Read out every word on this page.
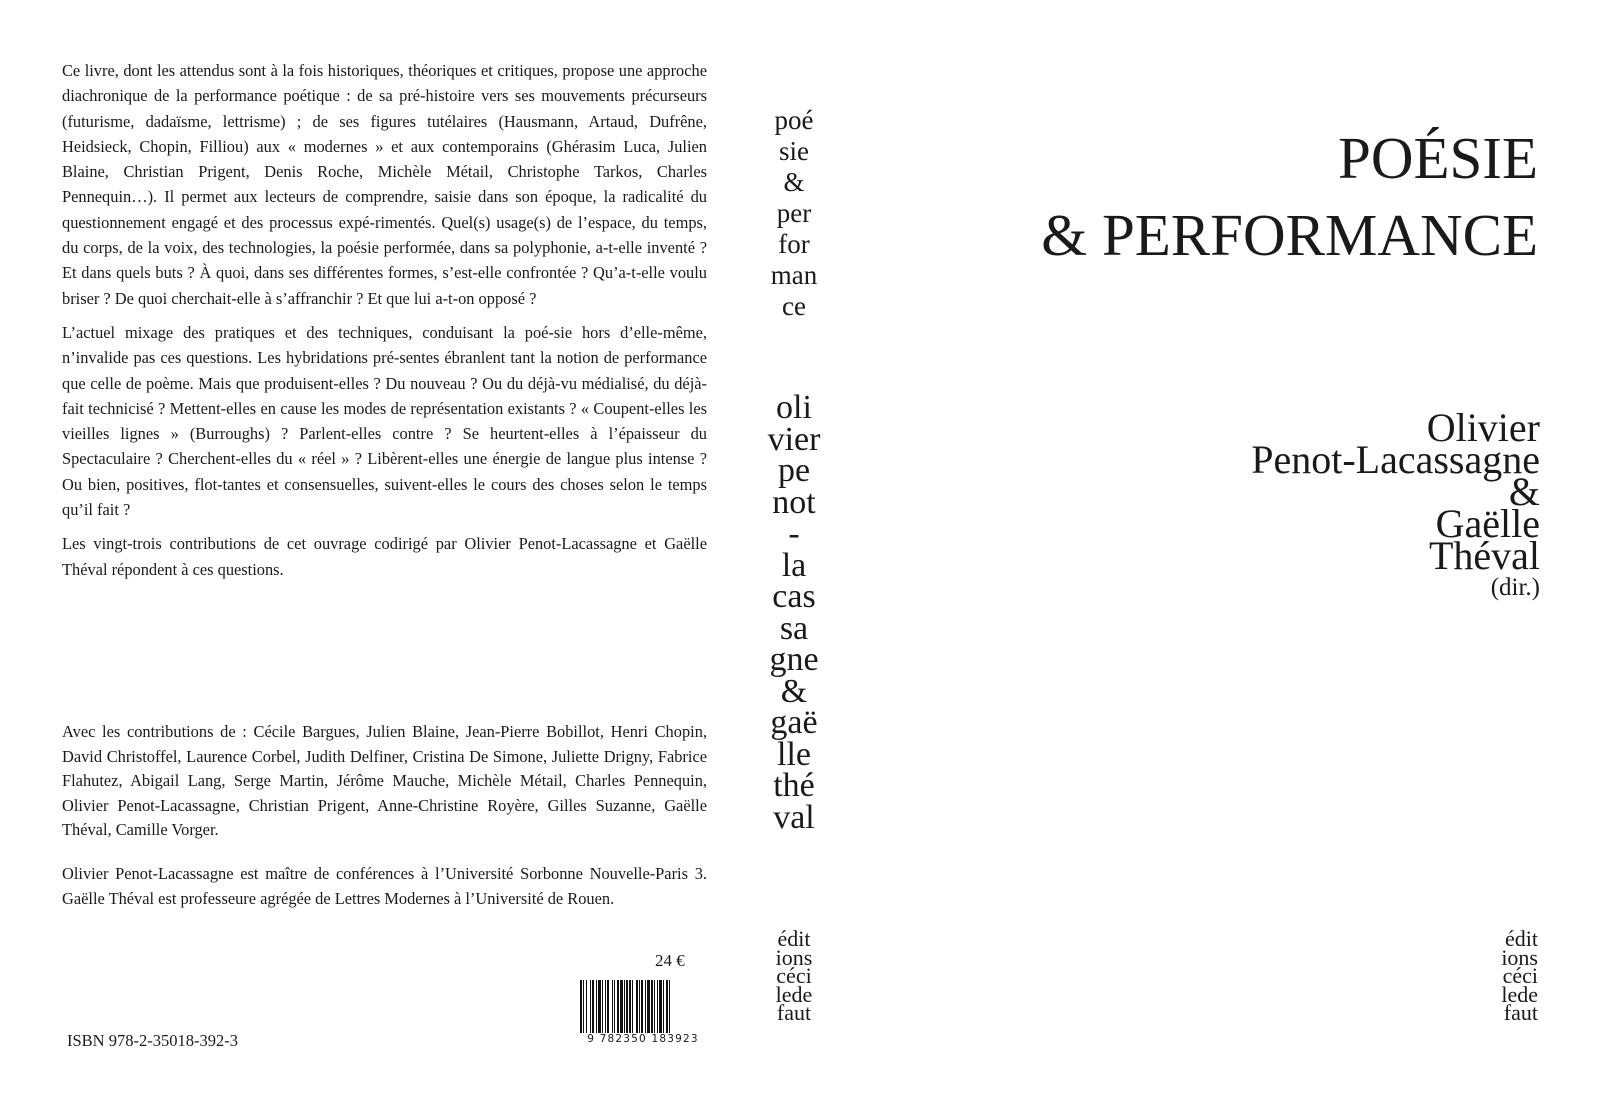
Ce livre, dont les attendus sont à la fois historiques, théoriques et critiques, propose une approche diachronique de la performance poétique : de sa pré-histoire vers ses mouvements précurseurs (futurisme, dadaïsme, lettrisme) ; de ses figures tutélaires (Hausmann, Artaud, Dufrêne, Heidsieck, Chopin, Filliou) aux « modernes » et aux contemporains (Ghérasim Luca, Julien Blaine, Christian Prigent, Denis Roche, Michèle Métail, Christophe Tarkos, Charles Pennequin…). Il permet aux lecteurs de comprendre, saisie dans son époque, la radicalité du questionnement engagé et des processus expé-rimentés. Quel(s) usage(s) de l’espace, du temps, du corps, de la voix, des technologies, la poésie performée, dans sa polyphonie, a-t-elle inventé ? Et dans quels buts ? À quoi, dans ses différentes formes, s’est-elle confrontée ? Qu’a-t-elle voulu briser ? De quoi cherchait-elle à s’affranchir ? Et que lui a-t-on opposé ?

L’actuel mixage des pratiques et des techniques, conduisant la poé-sie hors d’elle-même, n’invalide pas ces questions. Les hybridations pré-sentes ébranlent tant la notion de performance que celle de poème. Mais que produisent-elles ? Du nouveau ? Ou du déjà-vu médialisé, du déjà-fait technicisé ? Mettent-elles en cause les modes de représentation existants ? « Coupent-elles les vieilles lignes » (Burroughs) ? Parlent-elles contre ? Se heurtent-elles à l’épaisseur du Spectaculaire ? Cherchent-elles du « réel » ? Libèrent-elles une énergie de langue plus intense ? Ou bien, positives, flot-tantes et consensuelles, suivent-elles le cours des choses selon le temps qu’il fait ?

Les vingt-trois contributions de cet ouvrage codirigé par Olivier Penot-Lacassagne et Gaëlle Théval répondent à ces questions.

Avec les contributions de : Cécile Bargues, Julien Blaine, Jean-Pierre Bobillot, Henri Chopin, David Christoffel, Laurence Corbel, Judith Delfiner, Cristina De Simone, Juliette Drigny, Fabrice Flahutez, Abigail Lang, Serge Martin, Jérôme Mauche, Michèle Métail, Charles Pennequin, Olivier Penot-Lacassagne, Christian Prigent, Anne-Christine Royère, Gilles Suzanne, Gaëlle Théval, Camille Vorger.

Olivier Penot-Lacassagne est maître de conférences à l’Université Sorbonne Nouvelle-Paris 3. Gaëlle Théval est professeure agrégée de Lettres Modernes à l’Université de Rouen.

24 €
9 782350 183923
ISBN 978-2-35018-392-3
poé
sie
&
per
for
man
ce
oli
vier
pe
not
-
la
cas
sa
gne
&
gaë
lle
thé
val
édit
ions
céci
lede
faut
POÉSIE
& PERFORMANCE
Olivier
Penot-Lacassagne
&
Gaëlle
Théval
(dir.)
édit
ions
céci
lede
faut
